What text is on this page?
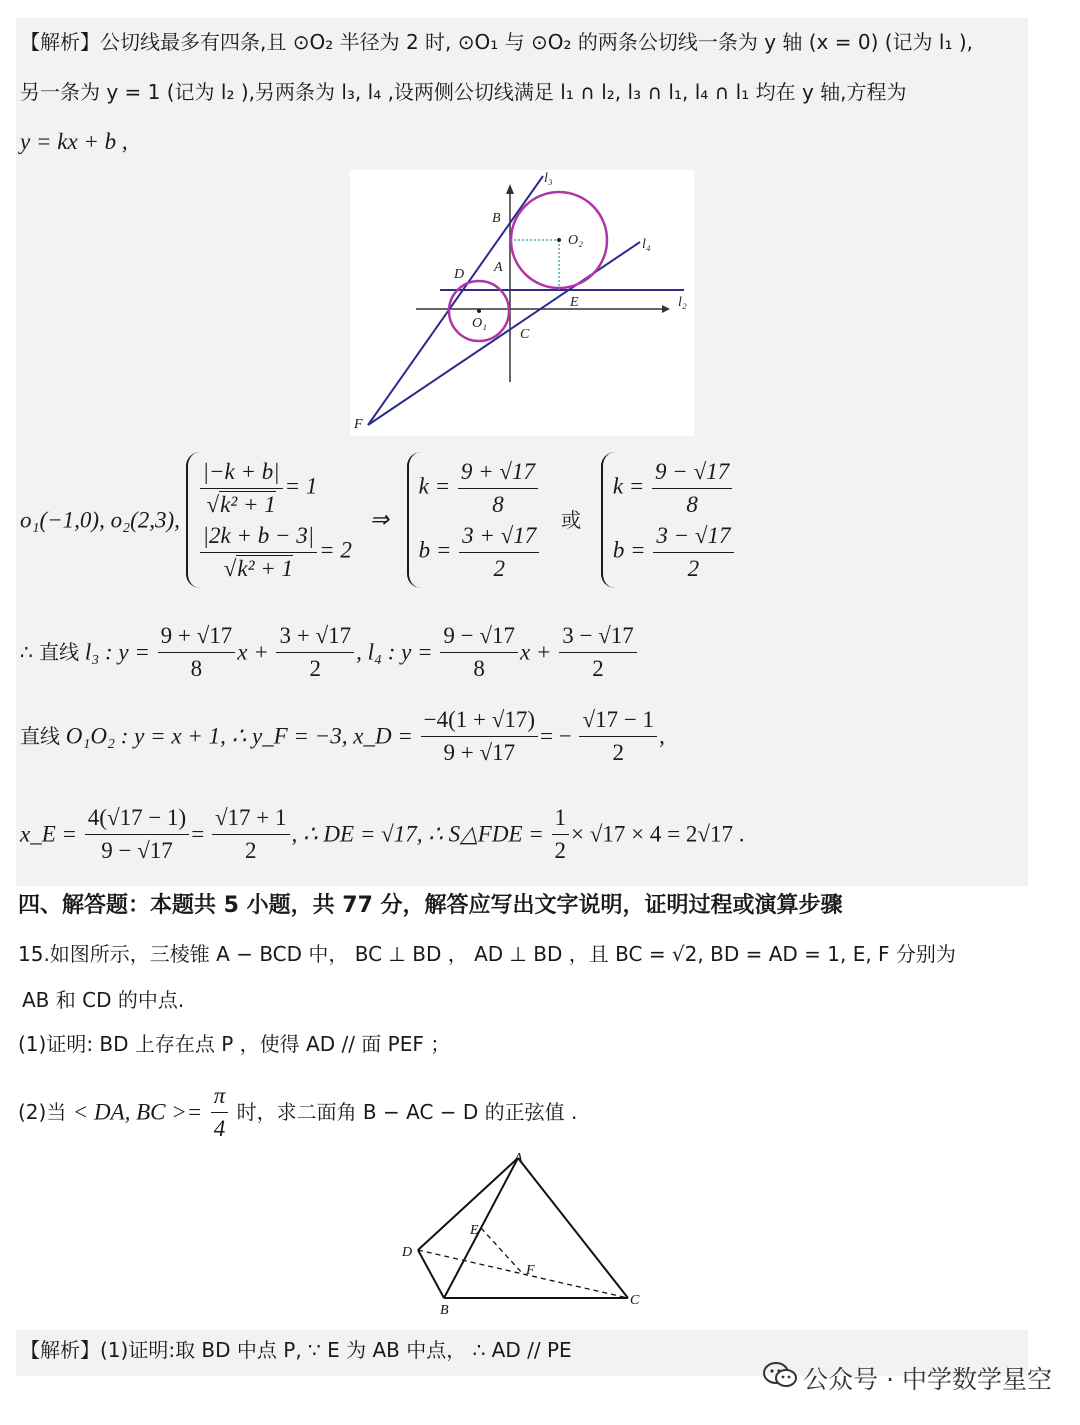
【解析】公切线最多有四条,且 ⊙O₂ 半径为 2 时, ⊙O₁ 与 ⊙O₂ 的两条公切线一条为 y 轴 (x = 0) (记为 l₁ ),
另一条为 y = 1 (记为 l₂ ),另两条为 l₃, l₄ ,设两侧公切线满足 l₁ ∩ l₂, l₃ ∩ l₁, l₄ ∩ l₁ 均在 y 轴,方程为
y = kx + b ,
l₃
l₄
l₂
B
O₂
A
D
E
O₁
C
F
o₁(−1,0), o₂(2,3),
$\frac{|-k + b|}{\text{√k² + 1}} = 1$
$\frac{|2k + b - 3|}{\text{√k² + 1}} = 2$
⇒
$k = \frac{9 + √17}{8}$
$b = \frac{3 + √17}{2}$
或
$k = \frac{9 - √17}{8}$
$b = \frac{3 - √17}{2}$
∴ 直线 l₃ : $y = \frac{9 + √17}{8}$ $x + \frac{3 + √17}{2}$ , l₄ : $y = \frac{9 - √17}{8}$ $x + \frac{3 - √17}{2}$
直线 O₁O₂ : y = x + 1, ∴ y_F = −3, x_D = $\frac{-4(1 + √17)}{9 + √17}$ = − $\frac{√17 - 1}{2}$ ,
x_E = $\frac{4(√17 - 1)}{9 - √17} = \frac{√17 + 1}{2}$ , ∴ DE = √17, ∴ S△FDE = $\frac{1}{2} \times √17 \times 4 = 2√17$ .
四、解答题：本题共 5 小题，共 77 分，解答应写出文字说明，证明过程或演算步骤
15.如图所示，三棱锥 A − BCD 中， BC ⊥ BD ， AD ⊥ BD ，且 BC = √2, BD = AD = 1, E, F 分别为
AB 和 CD 的中点.
(1)证明: BD 上存在点 P ，使得 AD // 面 PEF ；
(2)当 < DA, BC >= $\frac{\pi}{4}$ 时，求二面角 B − AC − D 的正弦值 .
A
E
D
F
B
C
【解析】(1)证明:取 BD 中点 P, ∵ E 为 AB 中点， ∴ AD // PE
公众号 · 中学数学星空
